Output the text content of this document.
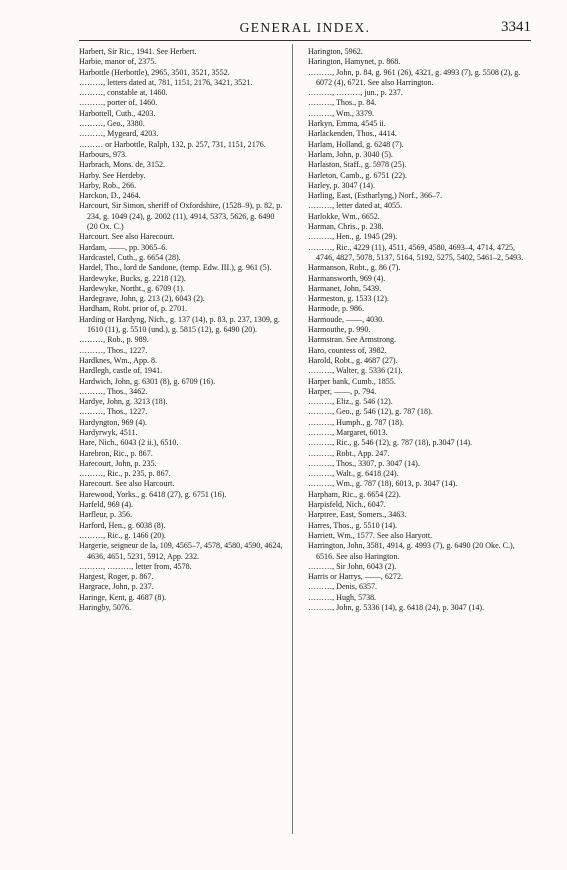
GENERAL INDEX.	3341
Harbert, Sir Ric., 1941. See Herbert.
Harbie, manor of, 2375.
Harbottle (Herbottle), 2965, 3501, 3521, 3552.
………, letters dated at, 781, 1151, 2176, 3421, 3521.
………, constable at, 1460.
………, porter of, 1460.
Harbottell, Cuth., 4203.
………, Geo., 3380.
………, Mygeard, 4203.
……… or Harbottle, Ralph, 132, p. 257, 731, 1151, 2176.
Harbours, 973.
Harbrach, Mons. de, 3152.
Harby. See Herdeby.
Harby, Rob., 266.
Harckon, D., 2464.
Harcourt, Sir Simon, sheriff of Oxfordshire, (1528–9), p. 82, p. 234, g. 1049 (24), g. 2002 (11), 4914, 5373, 5626, g. 6490 (20 Ox. C.)
Harcourt. See also Harecourt.
Hardam, ——, pp. 3065–6.
Hardcastel, Cuth., g. 6654 (28).
Hardel, Tho., lord de Sandone, (temp. Edw. III.), g. 961 (5).
Hardewyke, Bucks, g. 2218 (12).
Hardewyke, Northt., g. 6709 (1).
Hardegrave, John, g. 213 (2), 6043 (2).
Hardham, Robt. prior of, p. 2701.
Harding or Hardyng, Nich., g. 137 (14), p. 83, p. 237, 1309, g. 1610 (11), g. 5510 (und.), g. 5815 (12), g. 6490 (20).
………, Rob., p. 989.
………, Thos., 1227.
Hardknes, Wm., App. 8.
Hardlegh, castle of, 1941.
Hardwich, John, g. 6301 (8), g. 6709 (16).
………, Thos., 3462.
Hardye, John, g. 3213 (18).
………, Thos., 1227.
Hardyngton, 969 (4).
Hardyrwyk, 4511.
Hare, Nich., 6043 (2 ii.), 6510.
Harebron, Ric., p. 867.
Harecourt, John, p. 235.
………, Ric., p. 235, p. 867.
Harecourt. See also Harcourt.
Harewood, Yorks., g. 6418 (27), g. 6751 (16).
Harfeld, 969 (4).
Harfleur, p. 356.
Harford, Hen., g. 6038 (8).
………, Ric., g. 1466 (20).
Hargerie, seigneur de la, 109, 4565–7, 4578, 4580, 4590, 4624, 4636, 4651, 5231, 5912, App. 232.
………, ………, letter from, 4578.
Hargest, Roger, p. 867.
Hargrace, John, p. 237.
Haringe, Kent, g. 4687 (8).
Haringby, 5076.
Harington, 5962.
Harington, Hamynet, p. 868.
………, John, p. 84, g. 961 (26), 4321, g. 4993 (7), g. 5508 (2), g. 6072 (4), 6721. See also Harrington.
………, ………, jun., p. 237.
………, Thos., p. 84.
………, Wm., 3379.
Harkyn, Emma, 4545 ii.
Harlackenden, Thos., 4414.
Harlam, Holland, g. 6248 (7).
Harlam, John, p. 3040 (5).
Harlaston, Staff., g. 5978 (25).
Harleton, Camb., g. 6751 (22).
Harley, p. 3047 (14).
Harling, East, (Estharlyng,) Norf., 366–7.
………, letter dated at, 4055.
Harlokke, Wm., 6652.
Harman, Chris., p. 238.
………, Hen., g. 1945 (29).
………, Ric., 4229 (11), 4511, 4569, 4580, 4693–4, 4714, 4725, 4746, 4827, 5078, 5137, 5164, 5192, 5275, 5402, 5461–2, 5493.
Harmanson, Robt., g. 86 (7).
Harmansworth, 969 (4).
Harmanet, John, 5439.
Harmeston, g. 1533 (12).
Harmode, p. 986.
Harmoude, ——, 4030.
Harmouthe, p. 990.
Harmstran. See Armstrong.
Haro, countess of, 3982.
Harold, Robt., g. 4687 (27).
………, Walter, g. 5336 (21).
Harper bank, Cumb., 1855.
Harper, ——, p. 794.
………, Eliz., g. 546 (12).
………, Geo., g. 546 (12), g. 787 (18).
………, Humph., g. 787 (18).
………, Margaret, 6013.
………, Ric., g. 546 (12), g. 787 (18), p.3047 (14).
………, Robt., App. 247.
………, Thos., 3307, p. 3047 (14).
………, Walt., g. 6418 (24).
………, Wm., g. 787 (18), 6013, p. 3047 (14).
Harpham, Ric., g. 6654 (22).
Harpisfeld, Nich., 6047.
Harptree, East, Somers., 3463.
Harres, Thos., g. 5510 (14).
Harriett, Wm., 1577. See also Haryott.
Harrington, John, 3581, 4914, g. 4993 (7), g. 6490 (20 Oke. C.), 6516. See also Harington.
………, Sir John, 6043 (2).
Harris or Harrys, ——, 6272.
………, Denis, 6357.
………, Hugh, 5738.
………, John, g. 5336 (14), g. 6418 (24), p. 3047 (14).
